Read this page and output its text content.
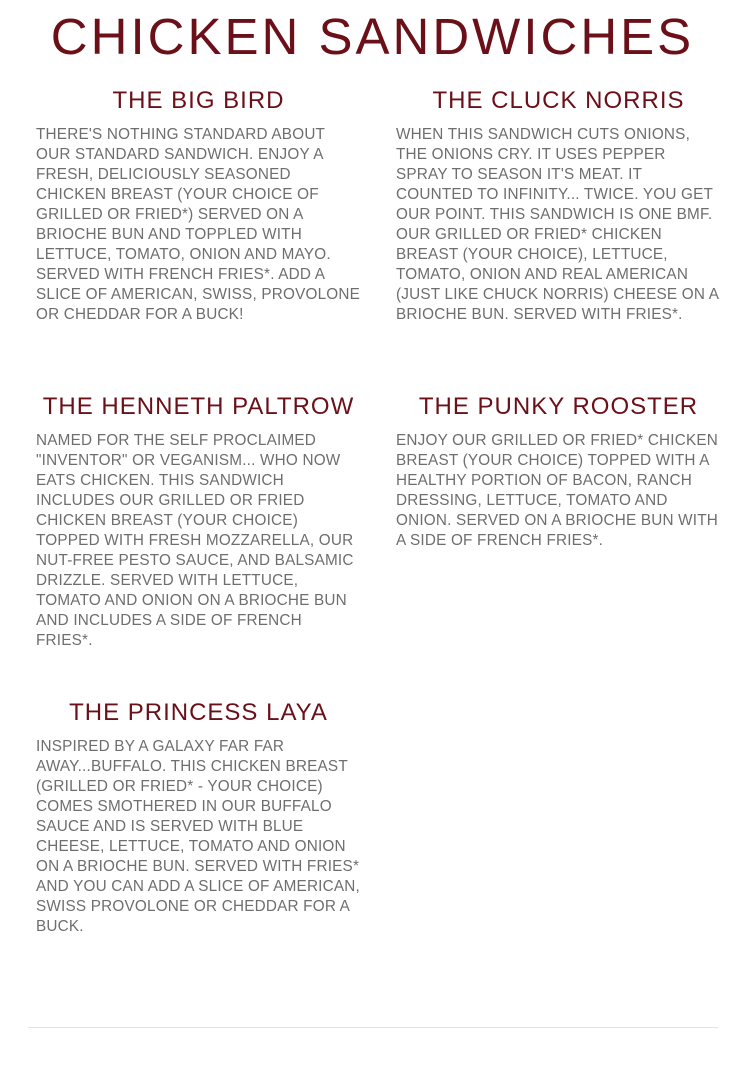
CHICKEN SANDWICHES
THE BIG BIRD

THERE'S NOTHING STANDARD ABOUT OUR STANDARD SANDWICH. ENJOY A FRESH, DELICIOUSLY SEASONED CHICKEN BREAST (YOUR CHOICE OF GRILLED OR FRIED*) SERVED ON A BRIOCHE BUN AND TOPPLED WITH LETTUCE, TOMATO, ONION AND MAYO. SERVED WITH FRENCH FRIES*. ADD A SLICE OF AMERICAN, SWISS, PROVOLONE OR CHEDDAR FOR A BUCK!

THE CLUCK NORRIS

WHEN THIS SANDWICH CUTS ONIONS, THE ONIONS CRY. IT USES PEPPER SPRAY TO SEASON IT'S MEAT. IT COUNTED TO INFINITY... TWICE. YOU GET OUR POINT. THIS SANDWICH IS ONE BMF. OUR GRILLED OR FRIED* CHICKEN BREAST (YOUR CHOICE), LETTUCE, TOMATO, ONION AND REAL AMERICAN (JUST LIKE CHUCK NORRIS) CHEESE ON A BRIOCHE BUN. SERVED WITH FRIES*.

THE HENNETH PALTROW

NAMED FOR THE SELF PROCLAIMED "INVENTOR" OR VEGANISM... WHO NOW EATS CHICKEN. THIS SANDWICH INCLUDES OUR GRILLED OR FRIED CHICKEN BREAST (YOUR CHOICE) TOPPED WITH FRESH MOZZARELLA, OUR NUT-FREE PESTO SAUCE, AND BALSAMIC DRIZZLE. SERVED WITH LETTUCE, TOMATO AND ONION ON A BRIOCHE BUN AND INCLUDES A SIDE OF FRENCH FRIES*.

THE PUNKY ROOSTER

ENJOY OUR GRILLED OR FRIED* CHICKEN BREAST (YOUR CHOICE) TOPPED WITH A HEALTHY PORTION OF BACON, RANCH DRESSING, LETTUCE, TOMATO AND ONION. SERVED ON A BRIOCHE BUN WITH A SIDE OF FRENCH FRIES*.

THE PRINCESS LAYA

INSPIRED BY A GALAXY FAR FAR AWAY...BUFFALO. THIS CHICKEN BREAST (GRILLED OR FRIED* - YOUR CHOICE) COMES SMOTHERED IN OUR BUFFALO SAUCE AND IS SERVED WITH BLUE CHEESE, LETTUCE, TOMATO AND ONION ON A BRIOCHE BUN. SERVED WITH FRIES* AND YOU CAN ADD A SLICE OF AMERICAN, SWISS PROVOLONE OR CHEDDAR FOR A BUCK.
